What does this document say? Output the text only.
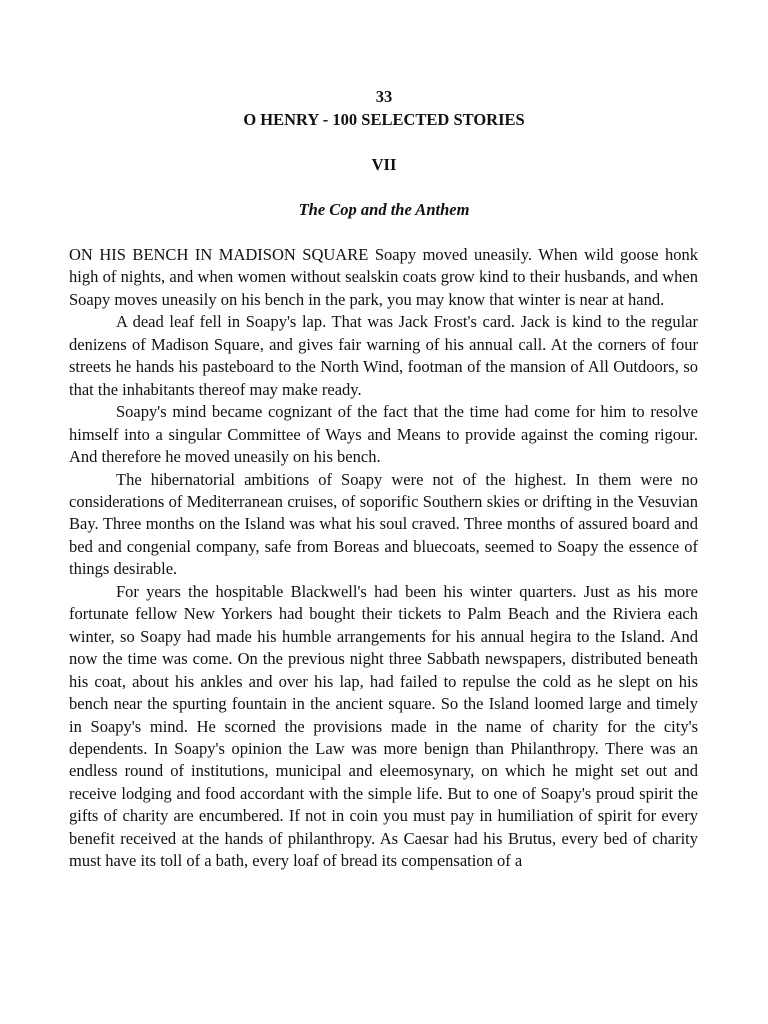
33
O HENRY - 100 SELECTED STORIES
VII
The Cop and the Anthem

ON HIS BENCH IN MADISON SQUARE Soapy moved uneasily. When wild goose honk high of nights, and when women without sealskin coats grow kind to their husbands, and when Soapy moves uneasily on his bench in the park, you may know that winter is near at hand.

A dead leaf fell in Soapy's lap. That was Jack Frost's card. Jack is kind to the regular denizens of Madison Square, and gives fair warning of his annual call. At the corners of four streets he hands his pasteboard to the North Wind, footman of the mansion of All Outdoors, so that the inhabitants thereof may make ready.

Soapy's mind became cognizant of the fact that the time had come for him to resolve himself into a singular Committee of Ways and Means to provide against the coming rigour. And therefore he moved uneasily on his bench.

The hibernatorial ambitions of Soapy were not of the highest. In them were no considerations of Mediterranean cruises, of soporific Southern skies or drifting in the Vesuvian Bay. Three months on the Island was what his soul craved. Three months of assured board and bed and congenial company, safe from Boreas and bluecoats, seemed to Soapy the essence of things desirable.

For years the hospitable Blackwell's had been his winter quarters. Just as his more fortunate fellow New Yorkers had bought their tickets to Palm Beach and the Riviera each winter, so Soapy had made his humble arrangements for his annual hegira to the Island. And now the time was come. On the previous night three Sabbath newspapers, distributed beneath his coat, about his ankles and over his lap, had failed to repulse the cold as he slept on his bench near the spurting fountain in the ancient square. So the Island loomed large and timely in Soapy's mind. He scorned the provisions made in the name of charity for the city's dependents. In Soapy's opinion the Law was more benign than Philanthropy. There was an endless round of institutions, municipal and eleemosynary, on which he might set out and receive lodging and food accordant with the simple life. But to one of Soapy's proud spirit the gifts of charity are encumbered. If not in coin you must pay in humiliation of spirit for every benefit received at the hands of philanthropy. As Caesar had his Brutus, every bed of charity must have its toll of a bath, every loaf of bread its compensation of a
